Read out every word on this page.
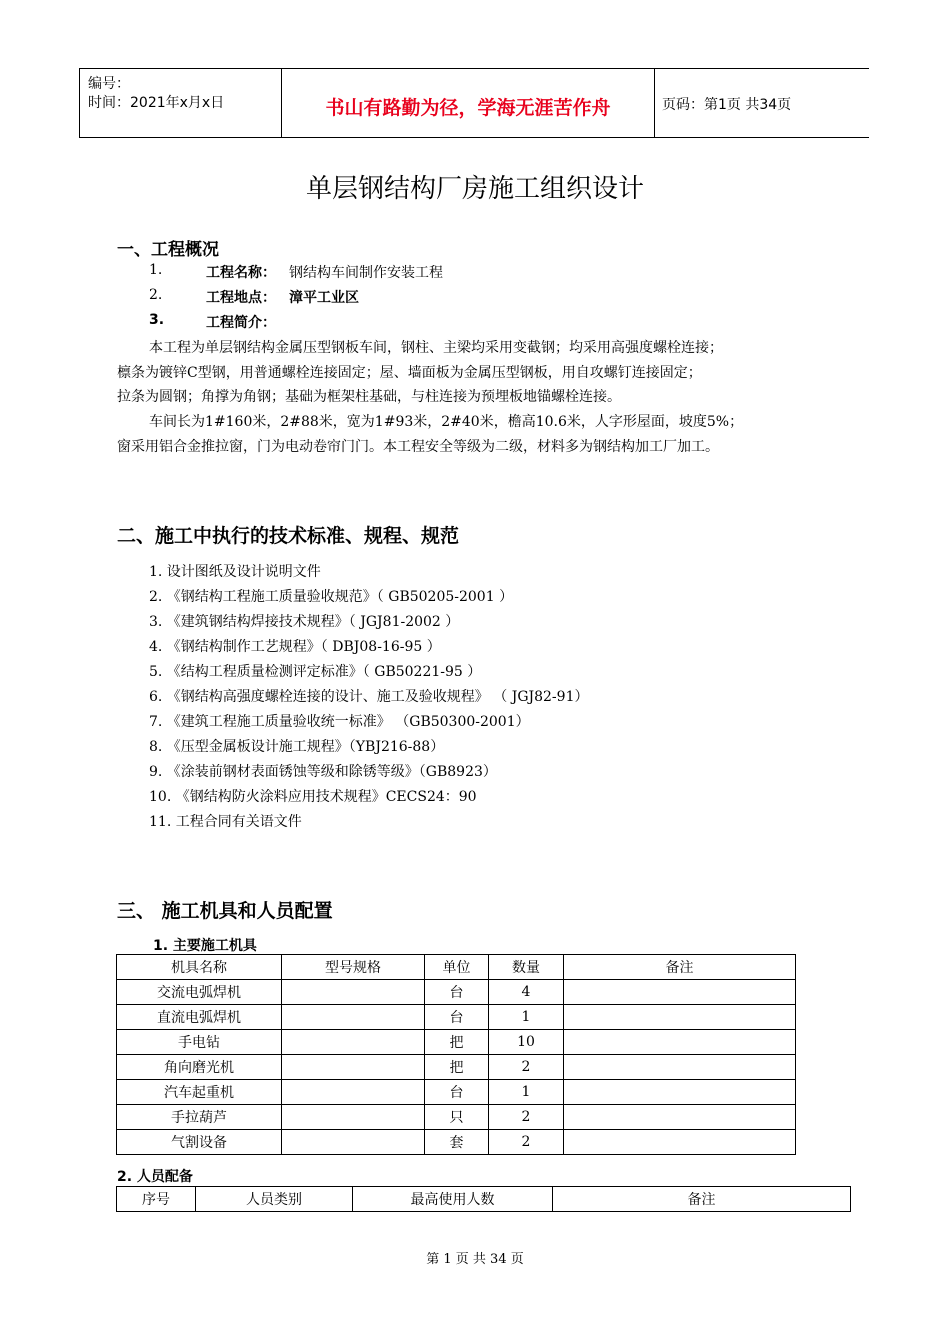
编号：
时间：2021年x月x日	书山有路勤为径，学海无涯苦作舟	页码：第1页 共34页
单层钢结构厂房施工组织设计
一、工程概况
1.	工程名称： 钢结构车间制作安装工程
2.	工程地点： 漳平工业区
3.	工程简介：
本工程为单层钢结构金属压型钢板车间，钢柱、主梁均采用变截钢；均采用高强度螺栓连接；
檩条为镀锌C型钢，用普通螺栓连接固定；屋、墙面板为金属压型钢板，用自攻螺钉连接固定；
拉条为圆钢；角撑为角钢；基础为框架柱基础，与柱连接为预埋板地锚螺栓连接。
车间长为1#160米，2#88米，宽为1#93米，2#40米，檐高10.6米，人字形屋面，坡度5%；
窗采用铝合金推拉窗，门为电动卷帘门门。本工程安全等级为二级，材料多为钢结构加工厂加工。
二、施工中执行的技术标准、规程、规范
1. 设计图纸及设计说明文件
2. 《钢结构工程施工质量验收规范》（ GB50205-2001 ）
3. 《建筑钢结构焊接技术规程》（ JGJ81-2002 ）
4. 《钢结构制作工艺规程》（ DBJ08-16-95 ）
5. 《结构工程质量检测评定标准》（ GB50221-95 ）
6. 《钢结构高强度螺栓连接的设计、施工及验收规程》 （ JGJ82-91）
7. 《建筑工程施工质量验收统一标准》 （GB50300-2001）
8. 《压型金属板设计施工规程》（YBJ216-88）
9. 《涂装前钢材表面锈蚀等级和除锈等级》（GB8923）
10. 《钢结构防火涂料应用技术规程》CECS24：90
11. 工程合同有关语文件
三、 施工机具和人员配置
1. 主要施工机具
机具名称	型号规格	单位	数量	备注
交流电弧焊机		台	4	
直流电弧焊机		台	1	
手电钻		把	10	
角向磨光机		把	2	
汽车起重机		台	1	
手拉葫芦		只	2	
气割设备		套	2	
2. 人员配备
序号	人员类别	最高使用人数	备注
第 1 页 共 34 页
